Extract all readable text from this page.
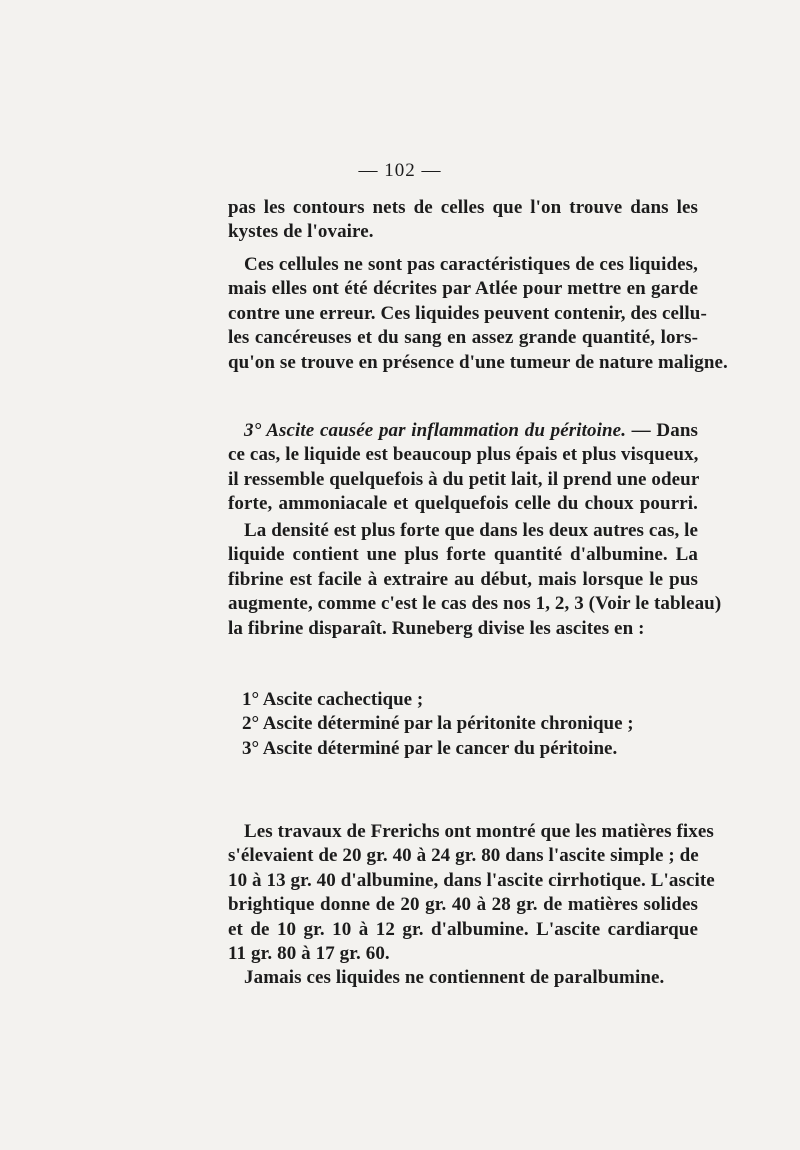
— 102 —
pas les contours nets de celles que l'on trouve dans les
kystes de l'ovaire.
Ces cellules ne sont pas caractéristiques de ces liquides,
mais elles ont été décrites par Atlée pour mettre en garde
contre une erreur. Ces liquides peuvent contenir, des cellu-
les cancéreuses et du sang en assez grande quantité, lors-
qu'on se trouve en présence d'une tumeur de nature maligne.
3° Ascite causée par inflammation du péritoine. — Dans
ce cas, le liquide est beaucoup plus épais et plus visqueux,
il ressemble quelquefois à du petit lait, il prend une odeur
forte, ammoniacale et quelquefois celle du choux pourri.
La densité est plus forte que dans les deux autres cas, le
liquide contient une plus forte quantité d'albumine. La
fibrine est facile à extraire au début, mais lorsque le pus
augmente, comme c'est le cas des nos 1, 2, 3 (Voir le tableau)
la fibrine disparaît. Runeberg divise les ascites en :
1° Ascite cachectique ;
2° Ascite déterminé par la péritonite chronique ;
3° Ascite déterminé par le cancer du péritoine.
Les travaux de Frerichs ont montré que les matières fixes
s'élevaient de 20 gr. 40 à 24 gr. 80 dans l'ascite simple ; de
10 à 13 gr. 40 d'albumine, dans l'ascite cirrhotique. L'ascite
brightique donne de 20 gr. 40 à 28 gr. de matières solides
et de 10 gr. 10 à 12 gr. d'albumine. L'ascite cardiarque
11 gr. 80 à 17 gr. 60.
Jamais ces liquides ne contiennent de paralbumine.
